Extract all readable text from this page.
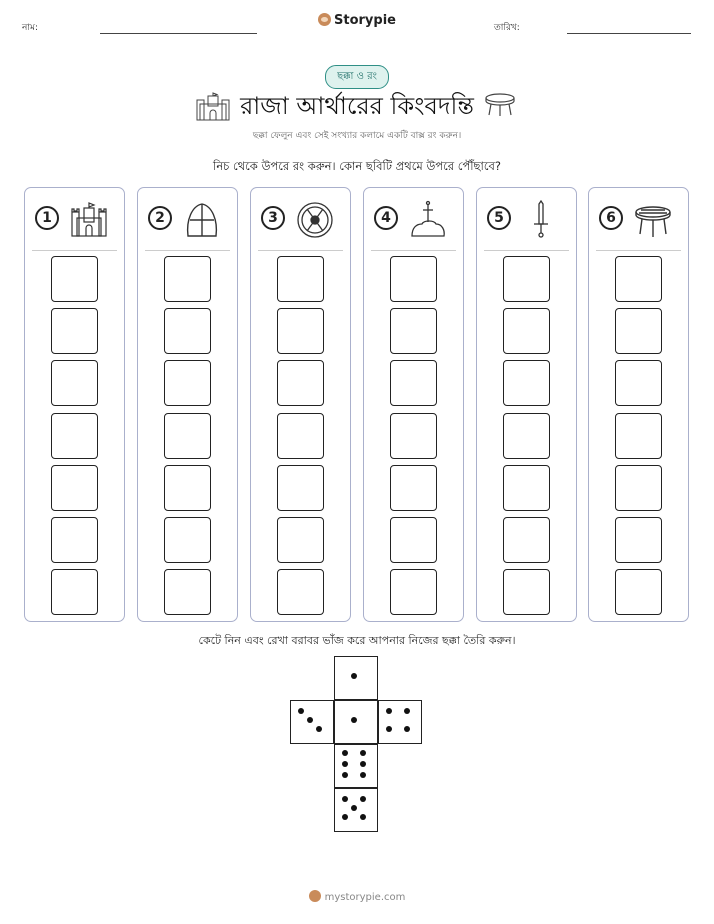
নাম:	Storypie	তারিখ:
ছক্কা ও রং
রাজা আর্থারের কিংবদন্তি
ছক্কা ফেলুন এবং সেই সংখ্যার কলামে একটি বাক্স রং করুন।
নিচ থেকে উপরে রং করুন। কোন ছবিটি প্রথমে উপরে পৌঁছাবে?
1	2	3	4	5	6
কেটে নিন এবং রেখা বরাবর ভাঁজ করে আপনার নিজের ছক্কা তৈরি করুন।
mystorypie.com
